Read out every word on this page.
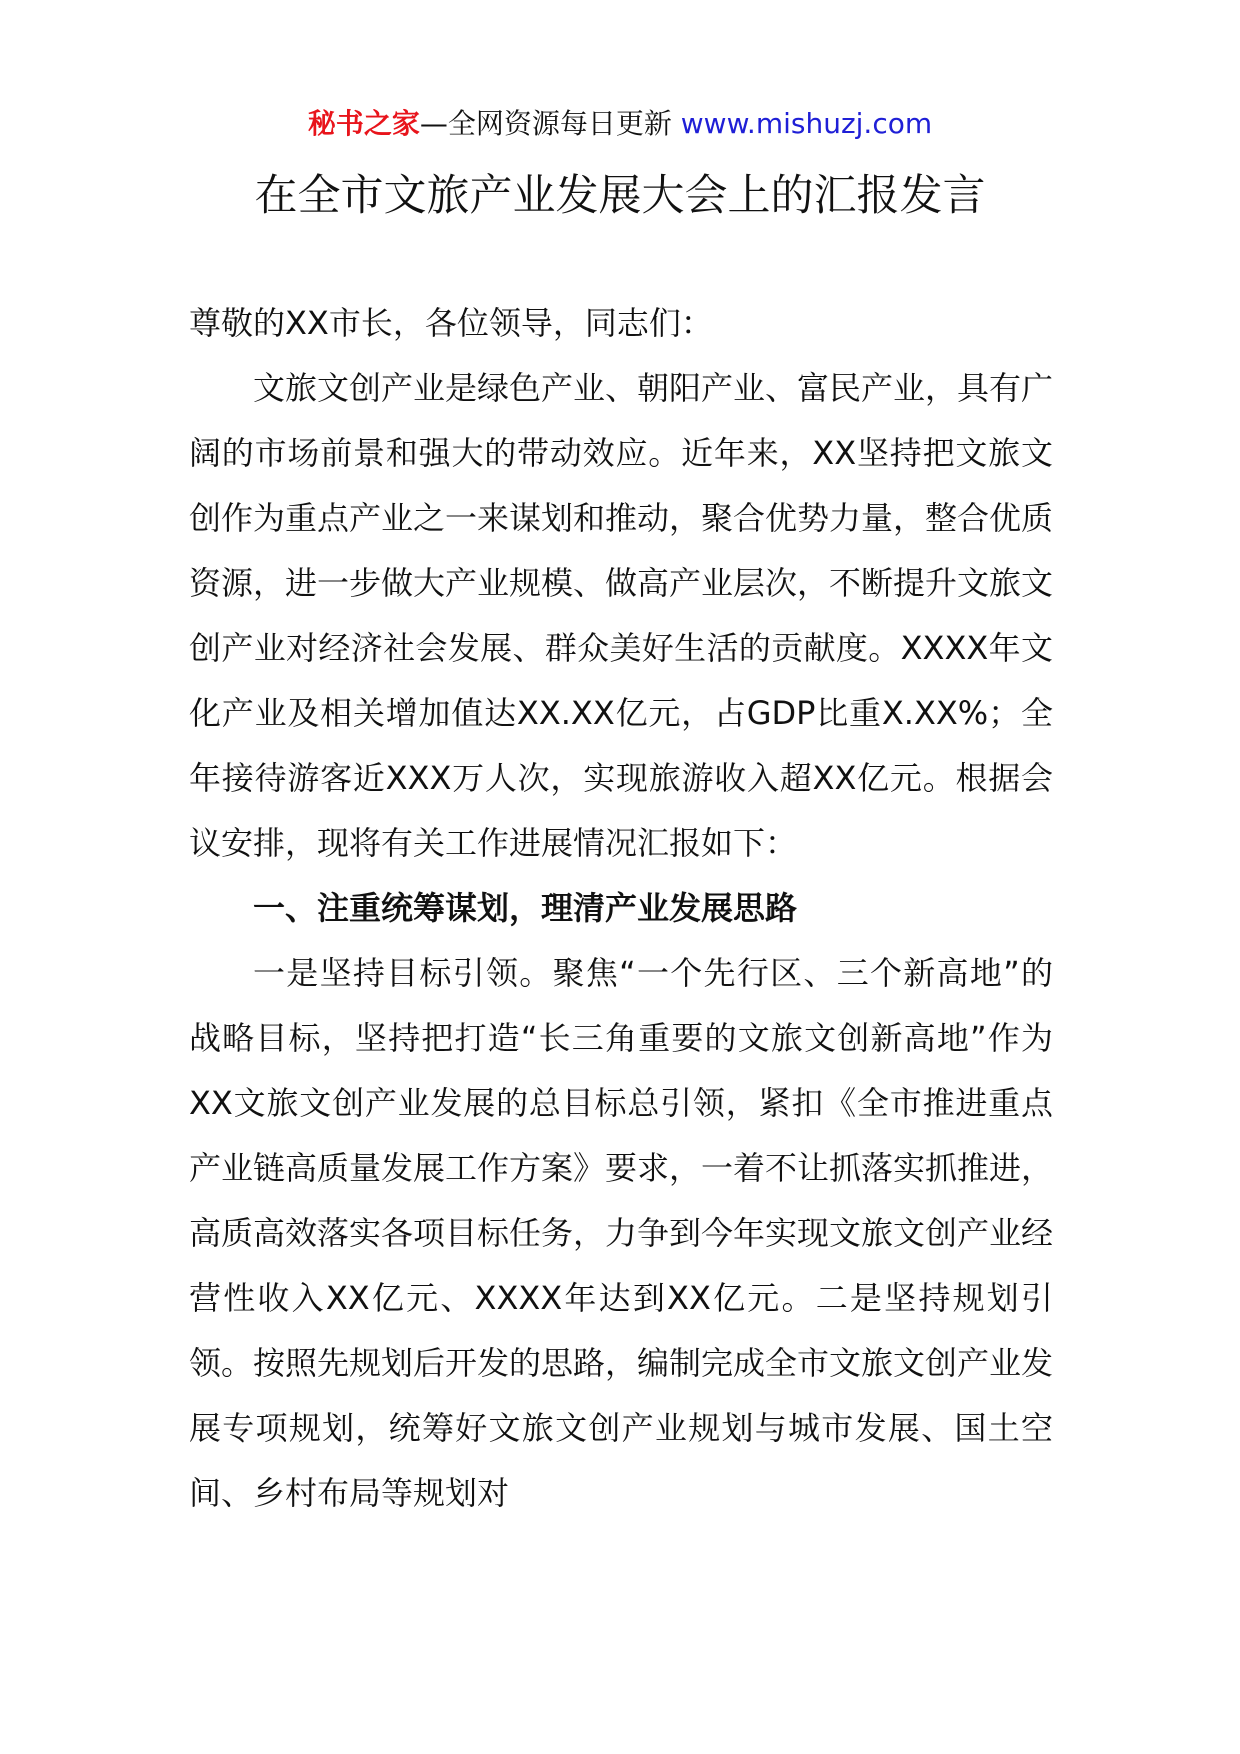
秘书之家—全网资源每日更新 www.mishuzj.com
在全市文旅产业发展大会上的汇报发言

尊敬的XX市长，各位领导，同志们：

文旅文创产业是绿色产业、朝阳产业、富民产业，具有广阔的市场前景和强大的带动效应。近年来，XX坚持把文旅文创作为重点产业之一来谋划和推动，聚合优势力量，整合优质资源，进一步做大产业规模、做高产业层次，不断提升文旅文创产业对经济社会发展、群众美好生活的贡献度。XXXX年文化产业及相关增加值达XX.XX亿元，占GDP比重X.XX%；全年接待游客近XXX万人次，实现旅游收入超XX亿元。根据会议安排，现将有关工作进展情况汇报如下：

一、注重统筹谋划，理清产业发展思路

一是坚持目标引领。聚焦“一个先行区、三个新高地”的战略目标，坚持把打造“长三角重要的文旅文创新高地”作为XX文旅文创产业发展的总目标总引领，紧扣《全市推进重点产业链高质量发展工作方案》要求，一着不让抓落实抓推进，高质高效落实各项目标任务，力争到今年实现文旅文创产业经营性收入XX亿元、XXXX年达到XX亿元。二是坚持规划引领。按照先规划后开发的思路，编制完成全市文旅文创产业发展专项规划，统筹好文旅文创产业规划与城市发展、国土空间、乡村布局等规划对
